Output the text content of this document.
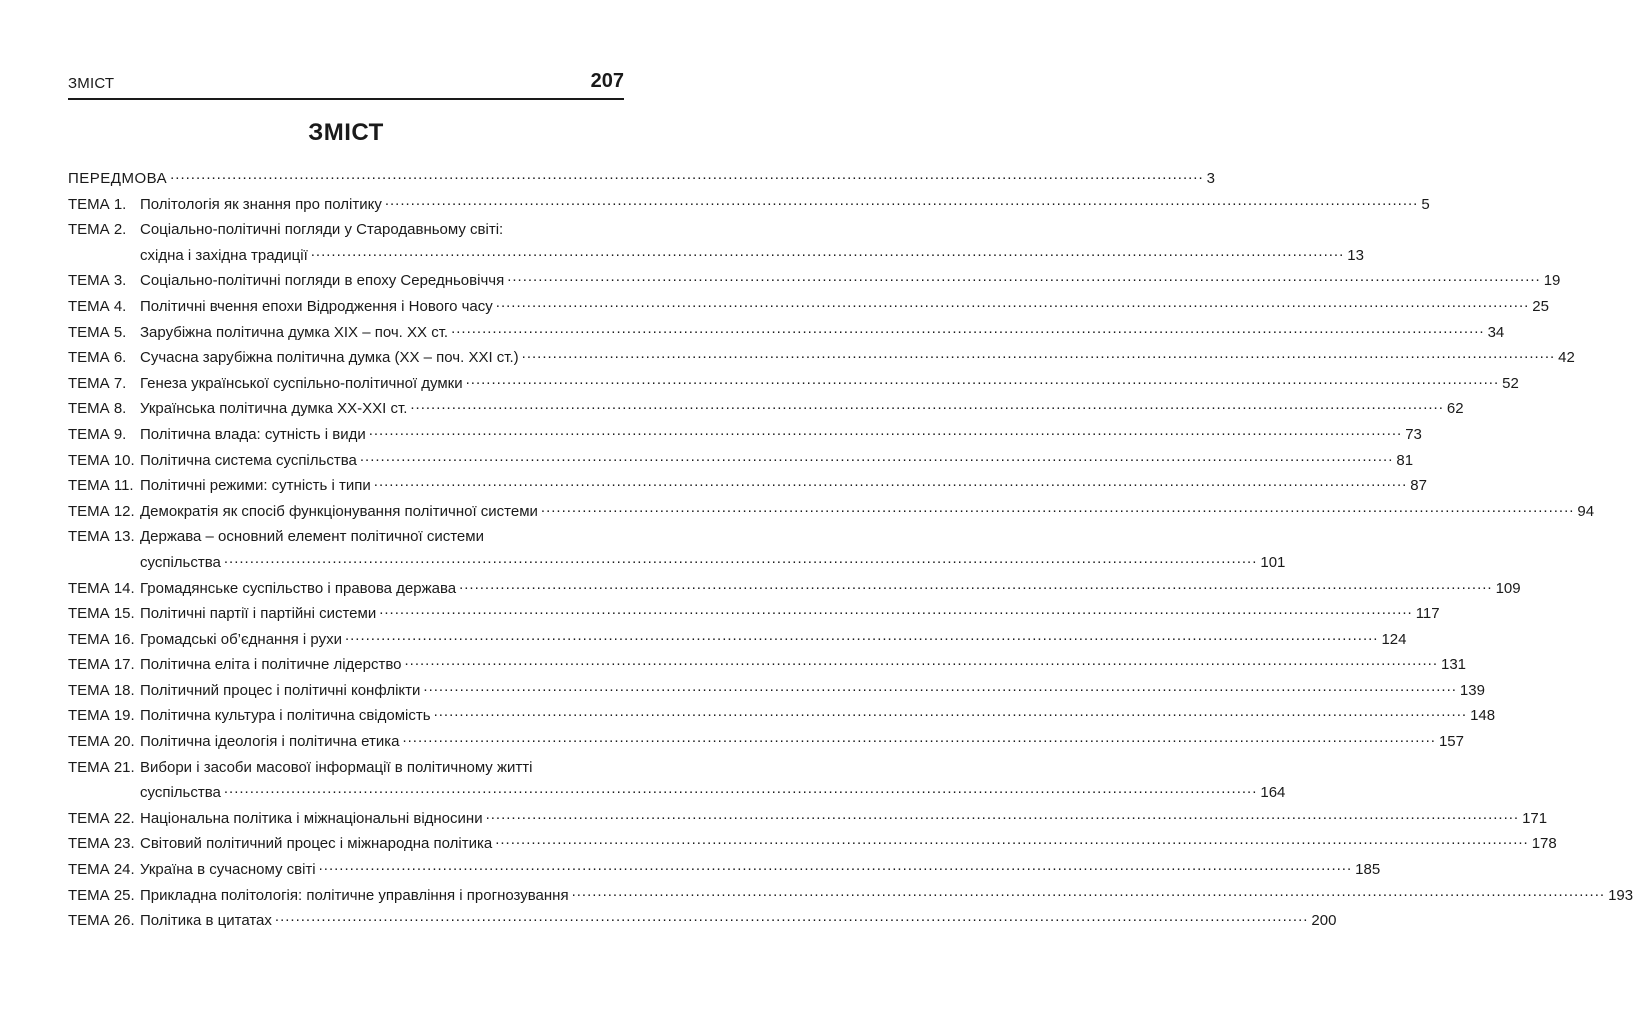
ЗМІСТ	207
ЗМІСТ
ПЕРЕДМОВА ........................................................................................................................................................................................................ 3
ТЕМА 1. Політологія як знання про політику ........................................................................................................................................................................................................ 5
ТЕМА 2. Соціально-політичні погляди у Стародавньому світі:
східна і західна традиції ........................................................................................................................................................................................................ 13
ТЕМА 3. Соціально-політичні погляди в епоху Середньовіччя ........................................................................................................................................................................................................ 19
ТЕМА 4. Політичні вчення епохи Відродження і Нового часу ........................................................................................................................................................................................................ 25
ТЕМА 5. Зарубіжна політична думка XIX – поч. XX ст. ........................................................................................................................................................................................................ 34
ТЕМА 6. Сучасна зарубіжна політична думка (XX – поч. XXI ст.) ........................................................................................................................................................................................................ 42
ТЕМА 7. Генеза української суспільно-політичної думки ........................................................................................................................................................................................................ 52
ТЕМА 8. Українська політична думка XX-XXI ст. ........................................................................................................................................................................................................ 62
ТЕМА 9. Політична влада: сутність і види ........................................................................................................................................................................................................ 73
ТЕМА 10. Політична система суспільства ........................................................................................................................................................................................................ 81
ТЕМА 11. Політичні режими: сутність і типи ........................................................................................................................................................................................................ 87
ТЕМА 12. Демократія як спосіб функціонування політичної системи ........................................................................................................................................................................................................ 94
ТЕМА 13. Держава – основний елемент політичної системи
суспільства ........................................................................................................................................................................................................ 101
ТЕМА 14. Громадянське суспільство і правова держава ........................................................................................................................................................................................................ 109
ТЕМА 15. Політичні партії і партійні системи ........................................................................................................................................................................................................ 117
ТЕМА 16. Громадські об’єднання і рухи ........................................................................................................................................................................................................ 124
ТЕМА 17. Політична еліта і політичне лідерство ........................................................................................................................................................................................................ 131
ТЕМА 18. Політичний процес і політичні конфлікти ........................................................................................................................................................................................................ 139
ТЕМА 19. Політична культура і політична свідомість ........................................................................................................................................................................................................ 148
ТЕМА 20. Політична ідеологія і політична етика ........................................................................................................................................................................................................ 157
ТЕМА 21. Вибори і засоби масової інформації в політичному житті
суспільства ........................................................................................................................................................................................................ 164
ТЕМА 22. Національна політика і міжнаціональні відносини ........................................................................................................................................................................................................ 171
ТЕМА 23. Світовий політичний процес і міжнародна політика ........................................................................................................................................................................................................ 178
ТЕМА 24. Україна в сучасному світі ........................................................................................................................................................................................................ 185
ТЕМА 25. Прикладна політологія: політичне управління і прогнозування ........................................................................................................................................................................................................ 193
ТЕМА 26. Політика в цитатах ........................................................................................................................................................................................................ 200
